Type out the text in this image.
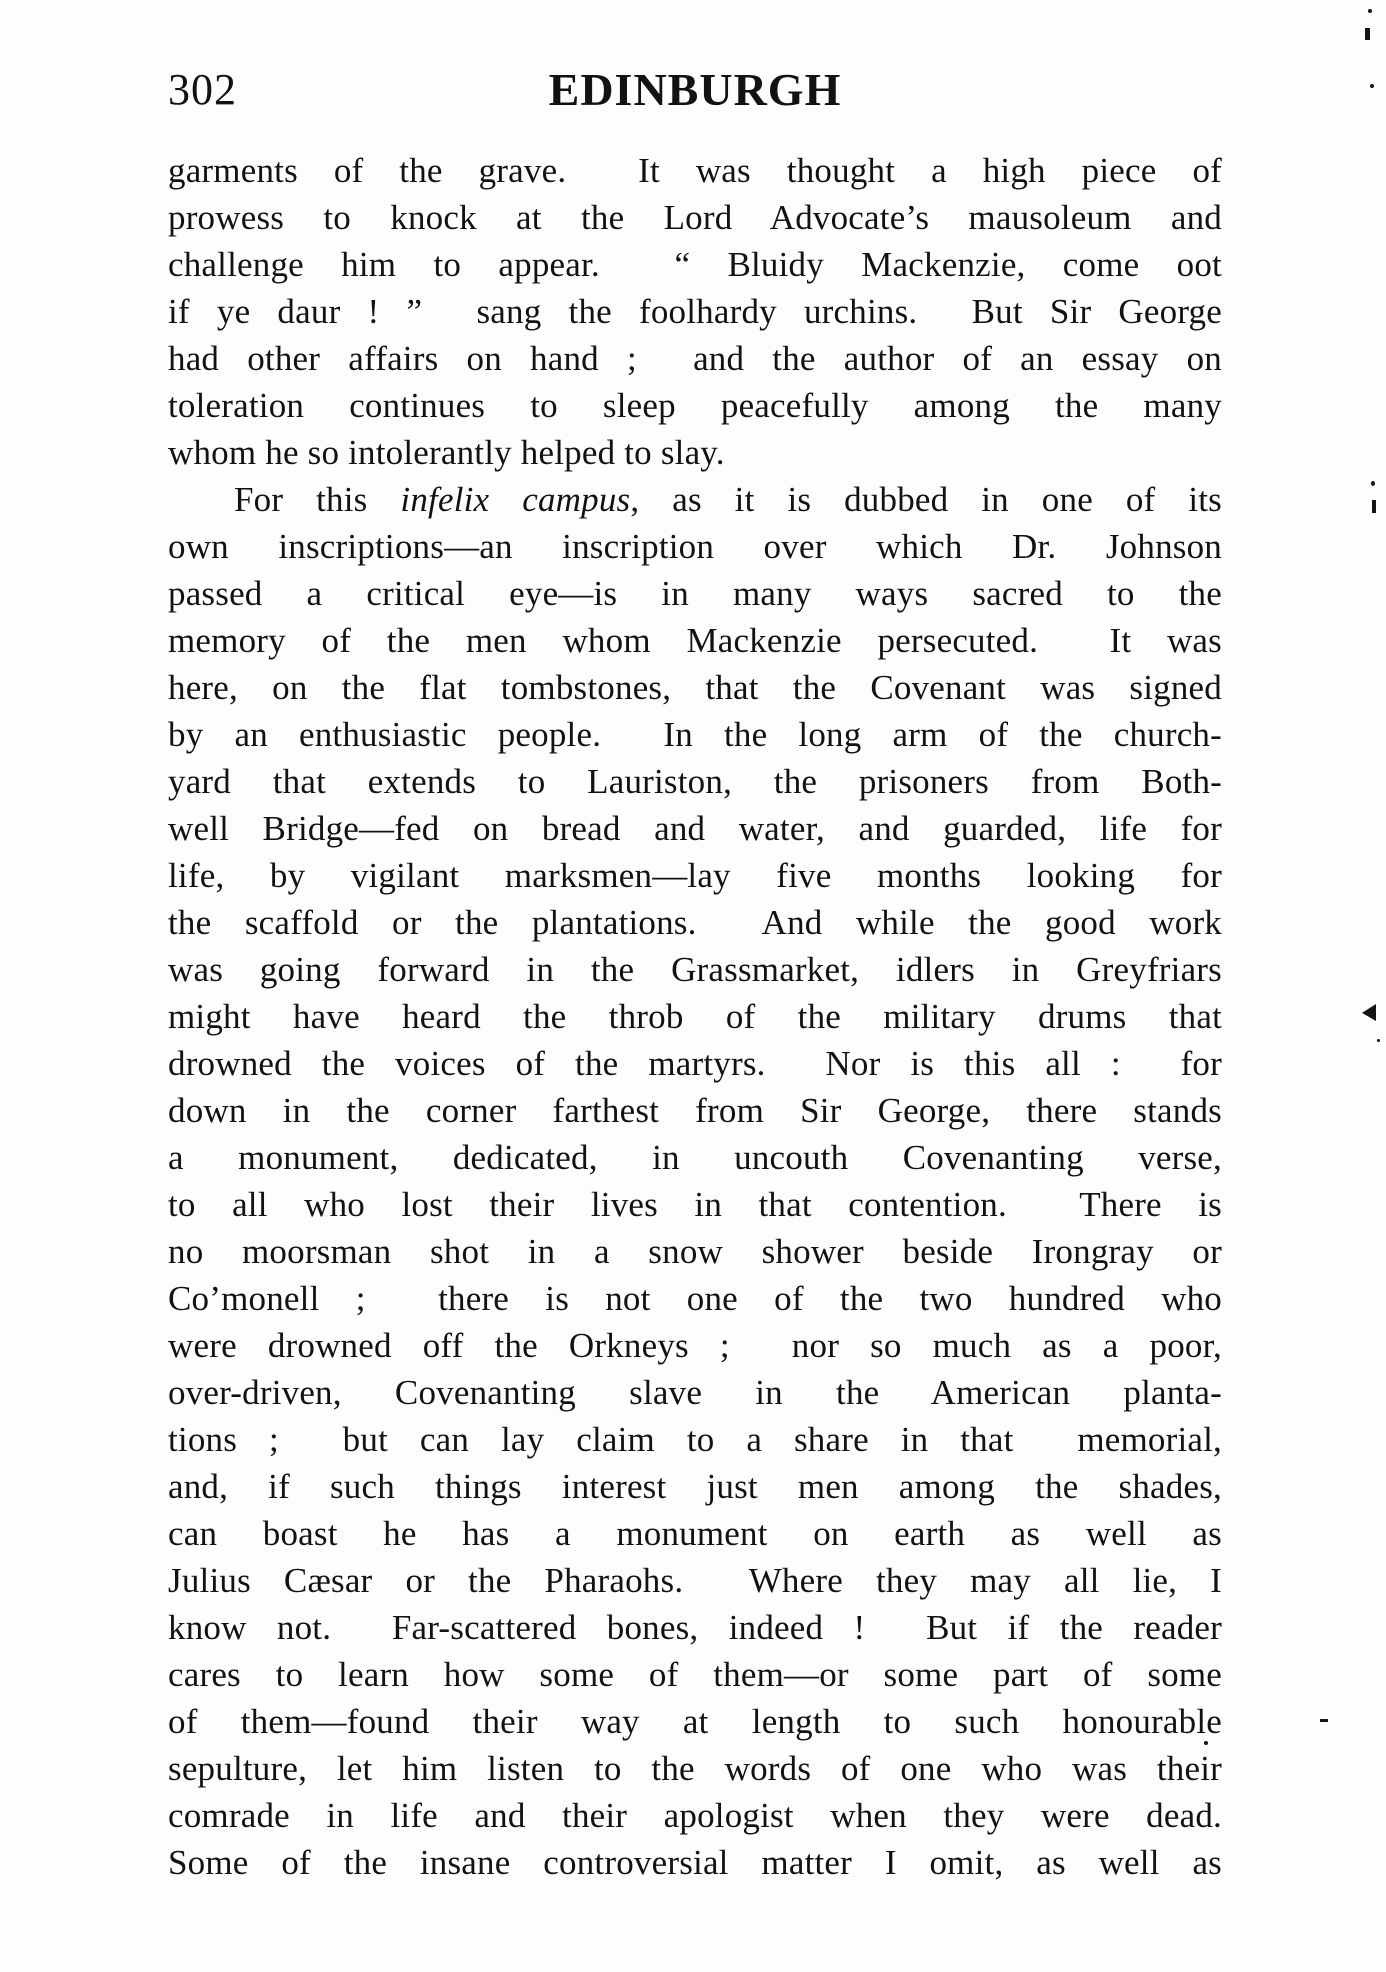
302	EDINBURGH
garments of the grave.  It was thought a high piece of
prowess to knock at the Lord Advocate’s mausoleum and
challenge him to appear.  “ Bluidy Mackenzie, come oot
if ye daur ! ”  sang the foolhardy urchins.  But Sir George
had other affairs on hand ;  and the author of an essay on
toleration continues to sleep peacefully among the many
whom he so intolerantly helped to slay.
For this infelix campus, as it is dubbed in one of its
own inscriptions—an inscription over which Dr. Johnson
passed a critical eye—is in many ways sacred to the
memory of the men whom Mackenzie persecuted.  It was
here, on the flat tombstones, that the Covenant was signed
by an enthusiastic people.  In the long arm of the church-
yard that extends to Lauriston, the prisoners from Both-
well Bridge—fed on bread and water, and guarded, life for
life, by vigilant marksmen—lay five months looking for
the scaffold or the plantations.  And while the good work
was going forward in the Grassmarket, idlers in Greyfriars
might have heard the throb of the military drums that
drowned the voices of the martyrs.  Nor is this all :  for
down in the corner farthest from Sir George, there stands
a monument, dedicated, in uncouth Covenanting verse,
to all who lost their lives in that contention.  There is
no moorsman shot in a snow shower beside Irongray or
Co’monell ;  there is not one of the two hundred who
were drowned off the Orkneys ;  nor so much as a poor,
over-driven, Covenanting slave in the American planta-
tions ;  but can lay claim to a share in that  memorial,
and, if such things interest just men among the shades,
can boast he has a monument on earth as well as
Julius Cæsar or the Pharaohs.  Where they may all lie, I
know not.  Far-scattered bones, indeed !  But if the reader
cares to learn how some of them—or some part of some
of them—found their way at length to such honourable
sepulture, let him listen to the words of one who was their
comrade in life and their apologist when they were dead.
Some of the insane controversial matter I omit, as well as
